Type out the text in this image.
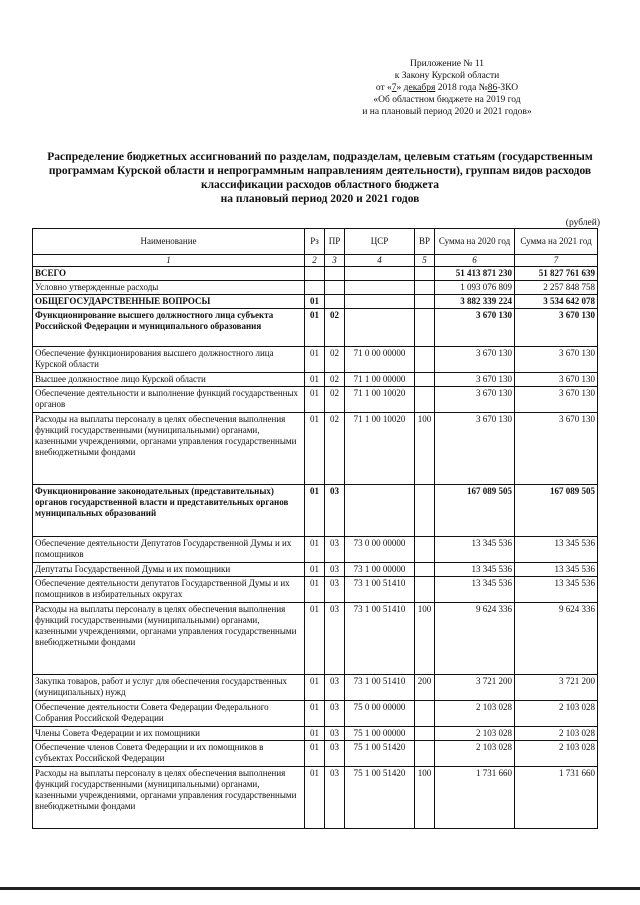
Приложение № 11
к Закону Курской области
от «7» декабря 2018 года №86-ЗКО
«Об областном бюджете на 2019 год
и на плановый период 2020 и 2021 годов»
Распределение бюджетных ассигнований по разделам, подразделам, целевым статьям (государственным
программам Курской области и непрограммным направлениям деятельности), группам видов расходов
классификации расходов областного бюджета
на плановый период 2020 и 2021 годов
(рублей)
Наименование	Рз	ПР	ЦСР	ВР	Сумма на 2020 год	Сумма на 2021 год
1	2	3	4	5	6	7
ВСЕГО					51 413 871 230	51 827 761 639
Условно утвержденные расходы					1 093 076 809	2 257 848 758
ОБЩЕГОСУДАРСТВЕННЫЕ ВОПРОСЫ	01				3 882 339 224	3 534 642 078
Функционирование высшего должностного лица субъекта Российской Федерации и муниципального образования	01	02			3 670 130	3 670 130
Обеспечение функционирования высшего должностного лица Курской области	01	02	71 0 00 00000		3 670 130	3 670 130
Высшее должностное лицо Курской области	01	02	71 1 00 00000		3 670 130	3 670 130
Обеспечение деятельности и выполнение функций государственных органов	01	02	71 1 00 10020		3 670 130	3 670 130
Расходы на выплаты персоналу в целях обеспечения выполнения функций государственными (муниципальными) органами, казенными учреждениями, органами управления государственными внебюджетными фондами	01	02	71 1 00 10020	100	3 670 130	3 670 130
Функционирование законодательных (представительных) органов государственной власти и представительных органов муниципальных образований	01	03			167 089 505	167 089 505
Обеспечение деятельности Депутатов Государственной Думы и их помощников	01	03	73 0 00 00000		13 345 536	13 345 536
Депутаты Государственной Думы и их помощники	01	03	73 1 00 00000		13 345 536	13 345 536
Обеспечение деятельности депутатов Государственной Думы и их помощников в избирательных округах	01	03	73 1 00 51410		13 345 536	13 345 536
Расходы на выплаты персоналу в целях обеспечения выполнения функций государственными (муниципальными) органами, казенными учреждениями, органами управления государственными внебюджетными фондами	01	03	73 1 00 51410	100	9 624 336	9 624 336
Закупка товаров, работ и услуг для обеспечения государственных (муниципальных) нужд	01	03	73 1 00 51410	200	3 721 200	3 721 200
Обеспечение деятельности Совета Федерации Федерального Собрания Российской Федерации	01	03	75 0 00 00000		2 103 028	2 103 028
Члены Совета Федерации и их помощники	01	03	75 1 00 00000		2 103 028	2 103 028
Обеспечение членов Совета Федерации и их помощников в субъектах Российской Федерации	01	03	75 1 00 51420		2 103 028	2 103 028
Расходы на выплаты персоналу в целях обеспечения выполнения функций государственными (муниципальными) органами, казенными учреждениями, органами управления государственными внебюджетными фондами	01	03	75 1 00 51420	100	1 731 660	1 731 660
